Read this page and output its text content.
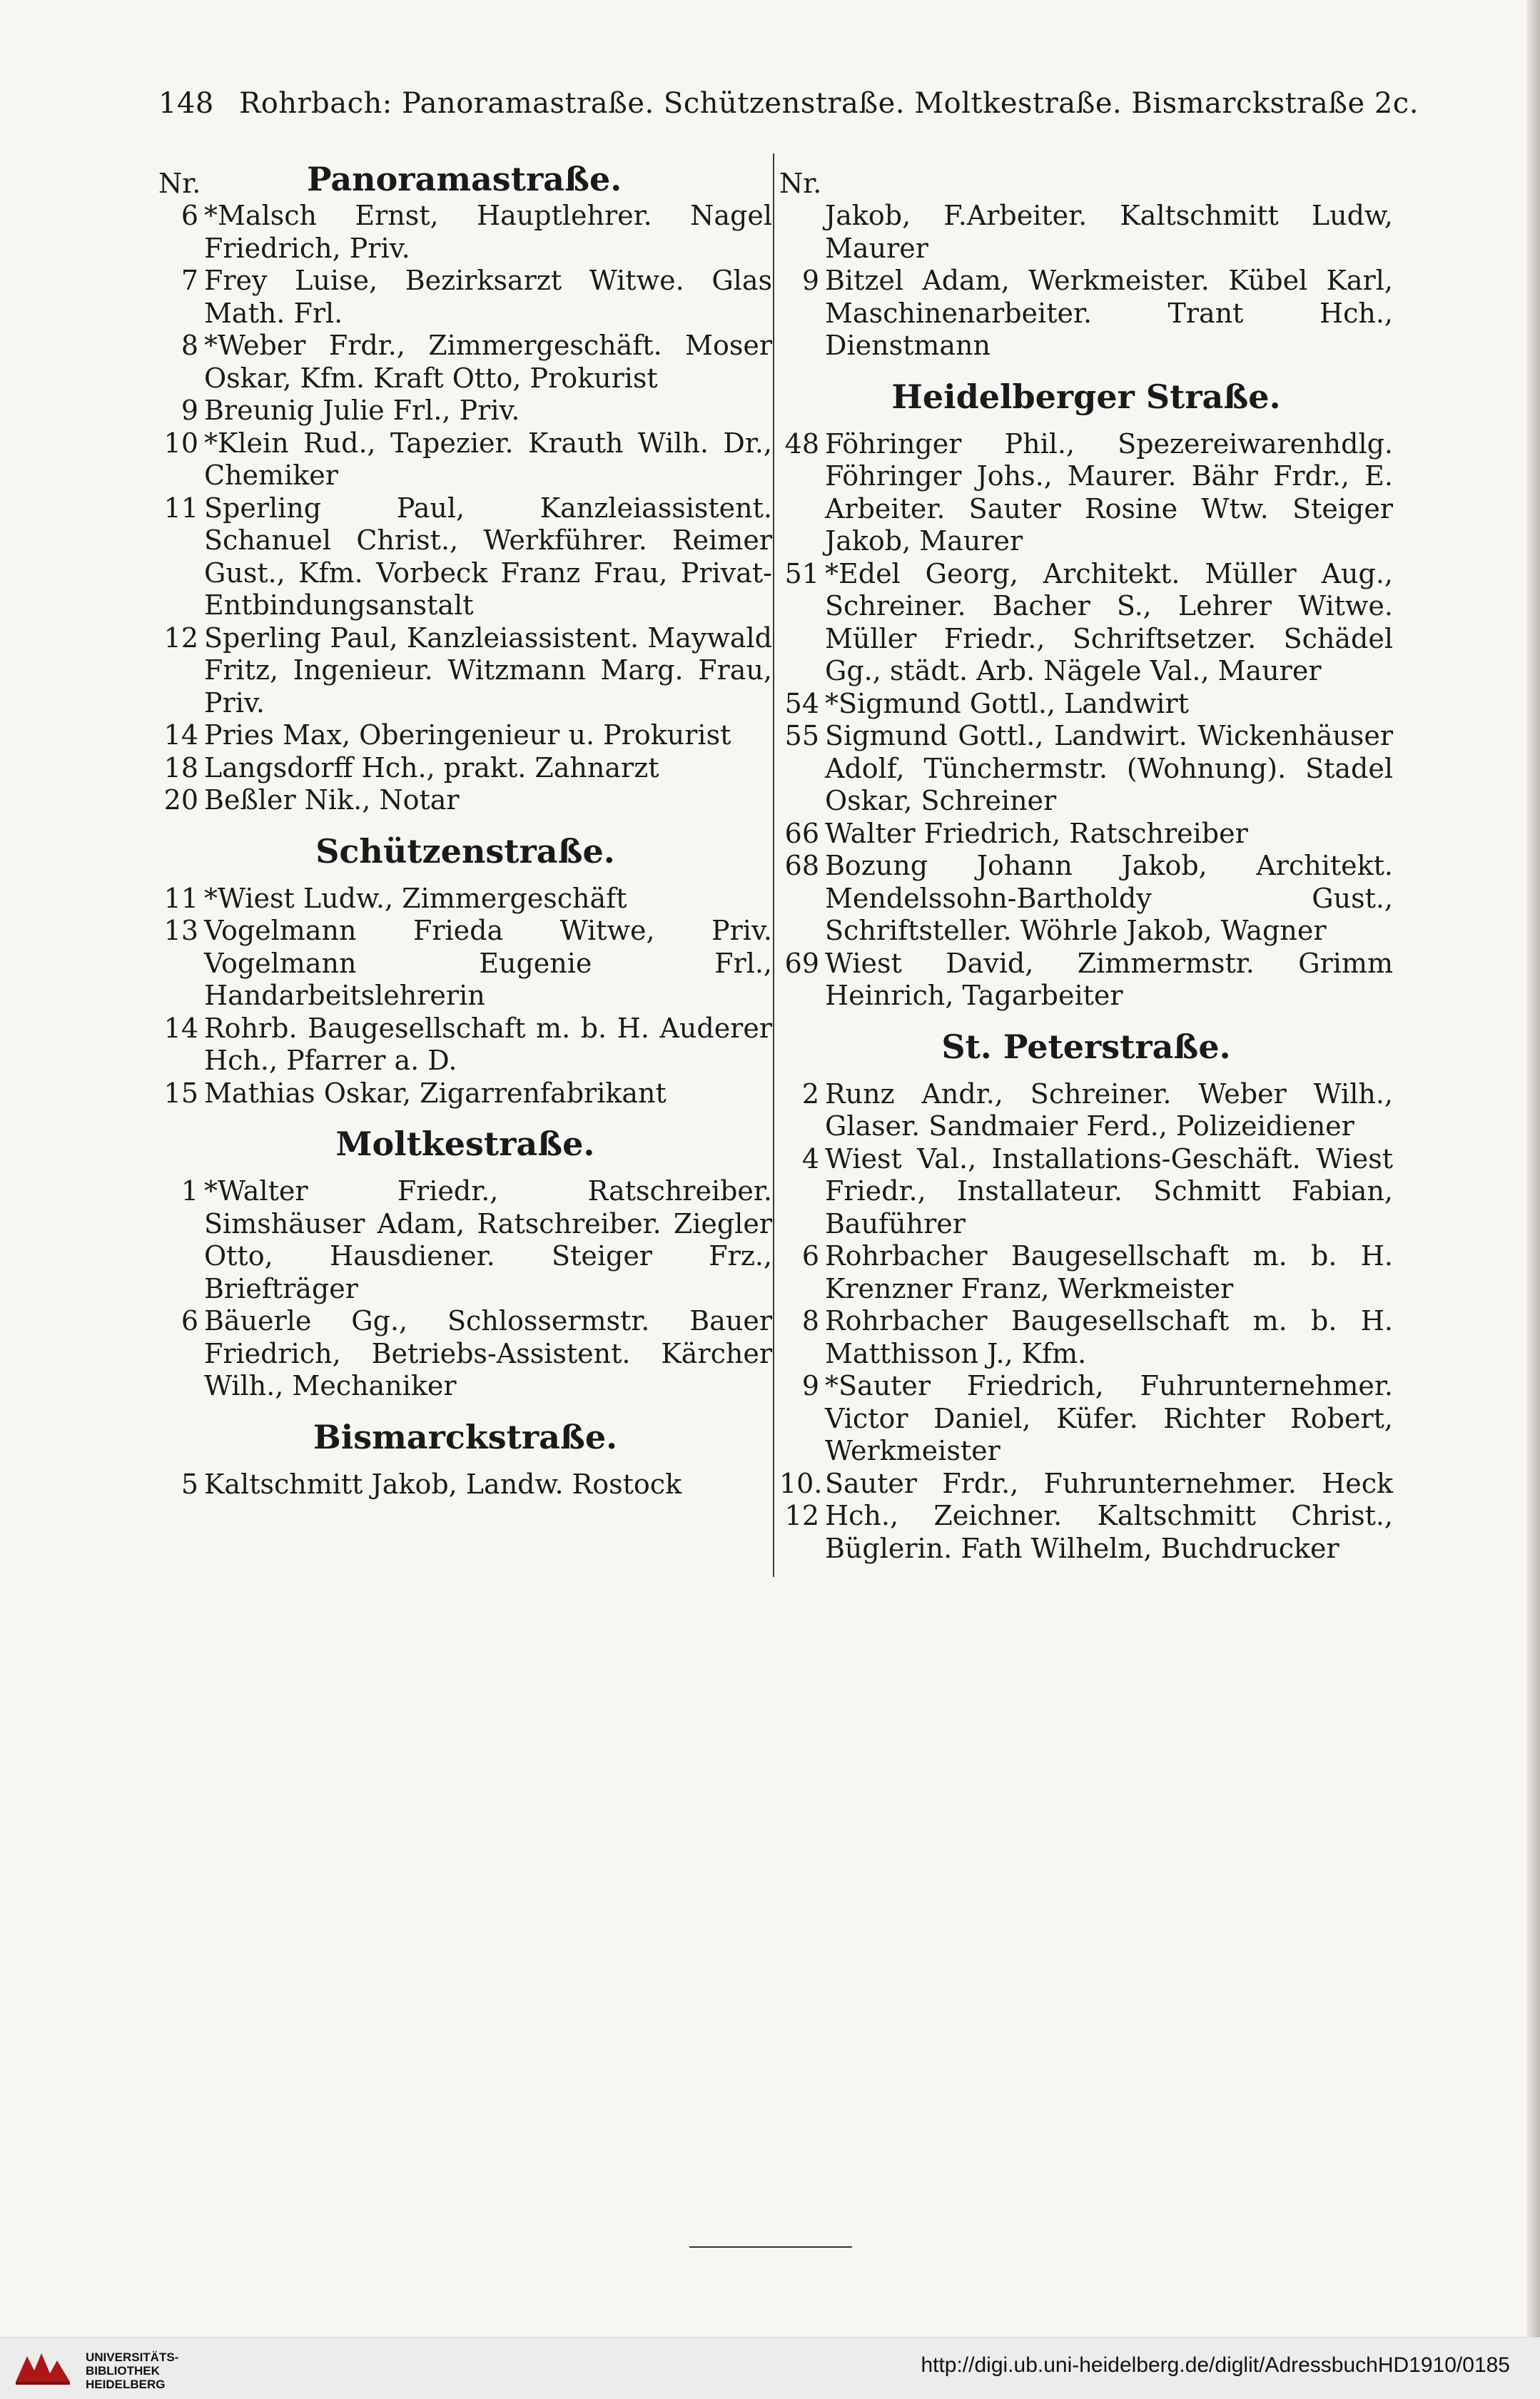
148 Rohrbach: Panoramastraße. Schützenstraße. Moltkestraße. Bismarckstraße 2c.
Nr.	Panoramastraße.
6 *Malsch Ernst, Hauptlehrer. Nagel Friedrich, Priv.
7 Frey Luise, Bezirksarzt Witwe. Glas Math. Frl.
8 *Weber Frdr., Zimmergeschäft. Moser Oskar, Kfm. Kraft Otto, Prokurist
9 Breunig Julie Frl., Priv.
10 *Klein Rud., Tapezier. Krauth Wilh. Dr., Chemiker
11 Sperling Paul, Kanzleiassistent. Schanuel Christ., Werkführer. Reimer Gust., Kfm. Vorbeck Franz Frau, Privat-Entbindungsanstalt
12 Sperling Paul, Kanzleiassistent. Maywald Fritz, Ingenieur. Witzmann Marg. Frau, Priv.
14 Pries Max, Oberingenieur u. Prokurist
18 Langsdorff Hch., prakt. Zahnarzt
20 Beßler Nik., Notar
Schützenstraße.
11 *Wiest Ludw., Zimmergeschäft
13 Vogelmann Frieda Witwe, Priv. Vogelmann Eugenie Frl., Handarbeitslehrerin
14 Rohrb. Baugesellschaft m. b. H. Auderer Hch., Pfarrer a. D.
15 Mathias Oskar, Zigarrenfabrikant
Moltkestraße.
1 *Walter Friedr., Ratschreiber. Simshäuser Adam, Ratschreiber. Ziegler Otto, Hausdiener. Steiger Frz., Briefträger
6 Bäuerle Gg., Schlossermstr. Bauer Friedrich, Betriebs-Assistent. Kärcher Wilh., Mechaniker
Bismarckstraße.
5 Kaltschmitt Jakob, Landw. Rostock
Nr.
Jakob, F.Arbeiter. Kaltschmitt Ludw, Maurer
9 Bitzel Adam, Werkmeister. Kübel Karl, Maschinenarbeiter. Trant Hch., Dienstmann
Heidelberger Straße.
48 Föhringer Phil., Spezereiwarenhdlg. Föhringer Johs., Maurer. Bähr Frdr., E. Arbeiter. Sauter Rosine Wtw. Steiger Jakob, Maurer
51 *Edel Georg, Architekt. Müller Aug., Schreiner. Bacher S., Lehrer Witwe. Müller Friedr., Schriftsetzer. Schädel Gg., städt. Arb. Nägele Val., Maurer
54 *Sigmund Gottl., Landwirt
55 Sigmund Gottl., Landwirt. Wickenhäuser Adolf, Tünchermstr. (Wohnung). Stadel Oskar, Schreiner
66 Walter Friedrich, Ratschreiber
68 Bozung Johann Jakob, Architekt. Mendelssohn-Bartholdy Gust., Schriftsteller. Wöhrle Jakob, Wagner
69 Wiest David, Zimmermstr. Grimm Heinrich, Tagarbeiter
St. Peterstraße.
2 Runz Andr., Schreiner. Weber Wilh., Glaser. Sandmaier Ferd., Polizeidiener
4 Wiest Val., Installations-Geschäft. Wiest Friedr., Installateur. Schmitt Fabian, Bauführer
6 Rohrbacher Baugesellschaft m. b. H. Krenzner Franz, Werkmeister
8 Rohrbacher Baugesellschaft m. b. H. Matthisson J., Kfm.
9 *Sauter Friedrich, Fuhrunternehmer. Victor Daniel, Küfer. Richter Robert, Werkmeister
10. 12
Sauter Frdr., Fuhrunternehmer. Heck Hch., Zeichner. Kaltschmitt Christ., Büglerin. Fath Wilhelm, Buchdrucker
UNIVERSITÄTS-
BIBLIOTHEK
HEIDELBERG
http://digi.ub.uni-heidelberg.de/diglit/AdressbuchHD1910/0185
